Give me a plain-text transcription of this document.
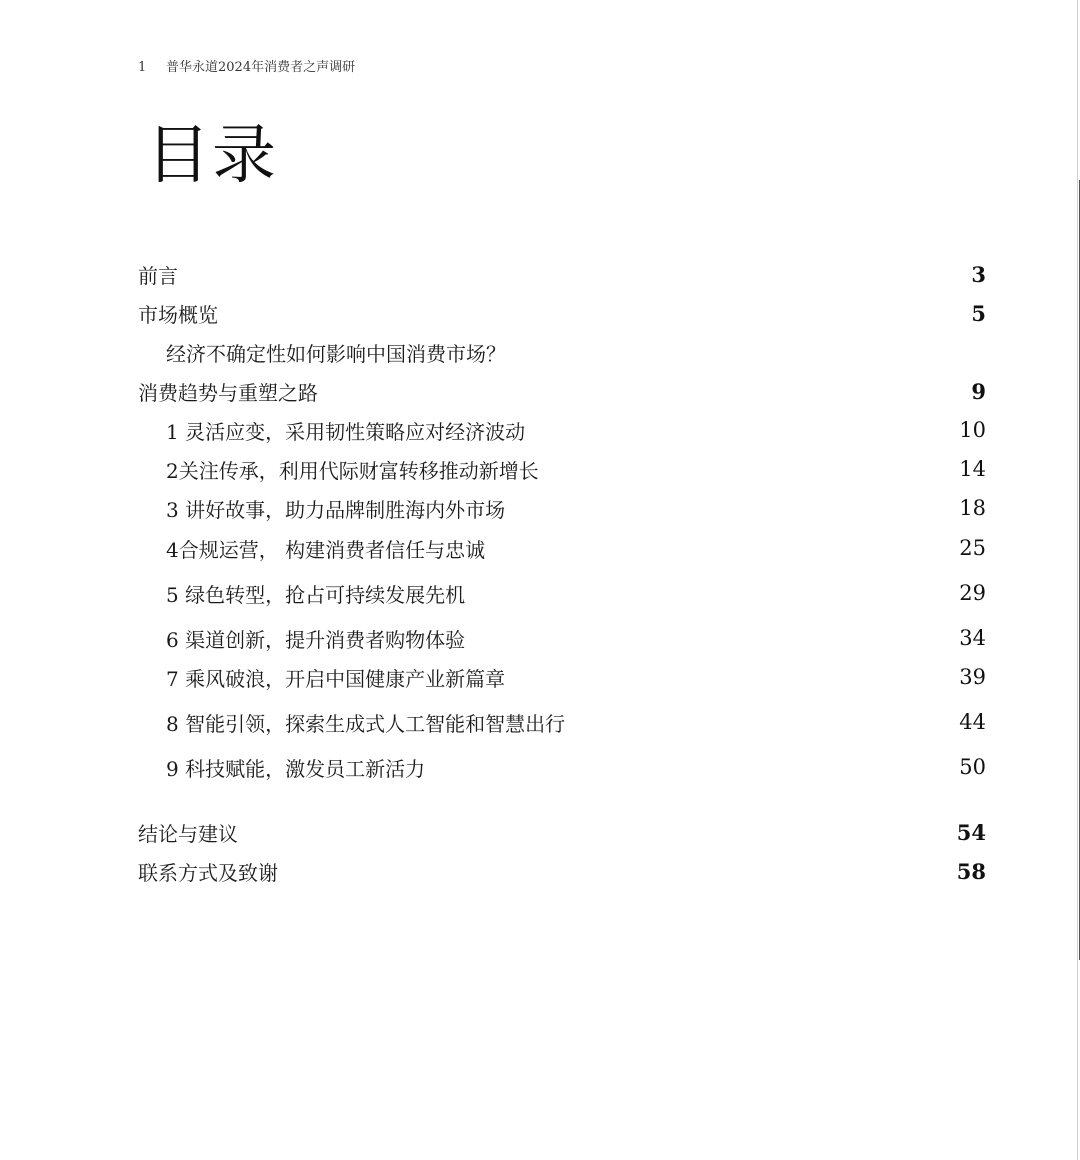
1 普华永道2024年消费者之声调研
目录
前言	3
市场概览	5
经济不确定性如何影响中国消费市场？
消费趋势与重塑之路	9
1 灵活应变，采用韧性策略应对经济波动	10
2关注传承，利用代际财富转移推动新增长	14
3 讲好故事，助力品牌制胜海内外市场	18
4合规运营， 构建消费者信任与忠诚	25
5 绿色转型，抢占可持续发展先机	29
6 渠道创新，提升消费者购物体验	34
7 乘风破浪，开启中国健康产业新篇章	39
8 智能引领，探索生成式人工智能和智慧出行	44
9 科技赋能，激发员工新活力	50
结论与建议	54
联系方式及致谢	58
